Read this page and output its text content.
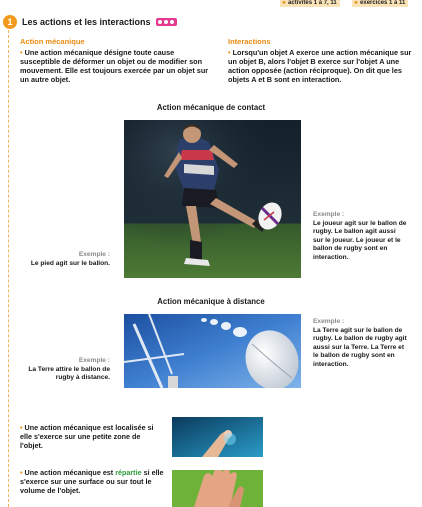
▸ activités 1 à 7, 11	▸ exercices 1 à 11
1	Les actions et les interactions
Action mécanique
• Une action mécanique désigne toute cause susceptible de déformer un objet ou de modifier son mouvement. Elle est toujours exercée par un objet sur un autre objet.
Interactions
• Lorsqu'un objet A exerce une action mécanique sur un objet B, alors l'objet B exerce sur l'objet A une action opposée (action réciproque). On dit que les objets A et B sont en interaction.
Action mécanique de contact
Exemple :
Le pied agit sur le ballon.
Exemple :
Le joueur agit sur le ballon de rugby. Le ballon agit aussi sur le joueur. Le joueur et le ballon de rugby sont en interaction.
Action mécanique à distance
Exemple :
La Terre attire le ballon de rugby à distance.
Exemple :
La Terre agit sur le ballon de rugby. Le ballon de rugby agit aussi sur la Terre. La Terre et le ballon de rugby sont en interaction.
• Une action mécanique est localisée si elle s'exerce sur une petite zone de l'objet.
• Une action mécanique est répartie si elle s'exerce sur une surface ou sur tout le volume de l'objet.
